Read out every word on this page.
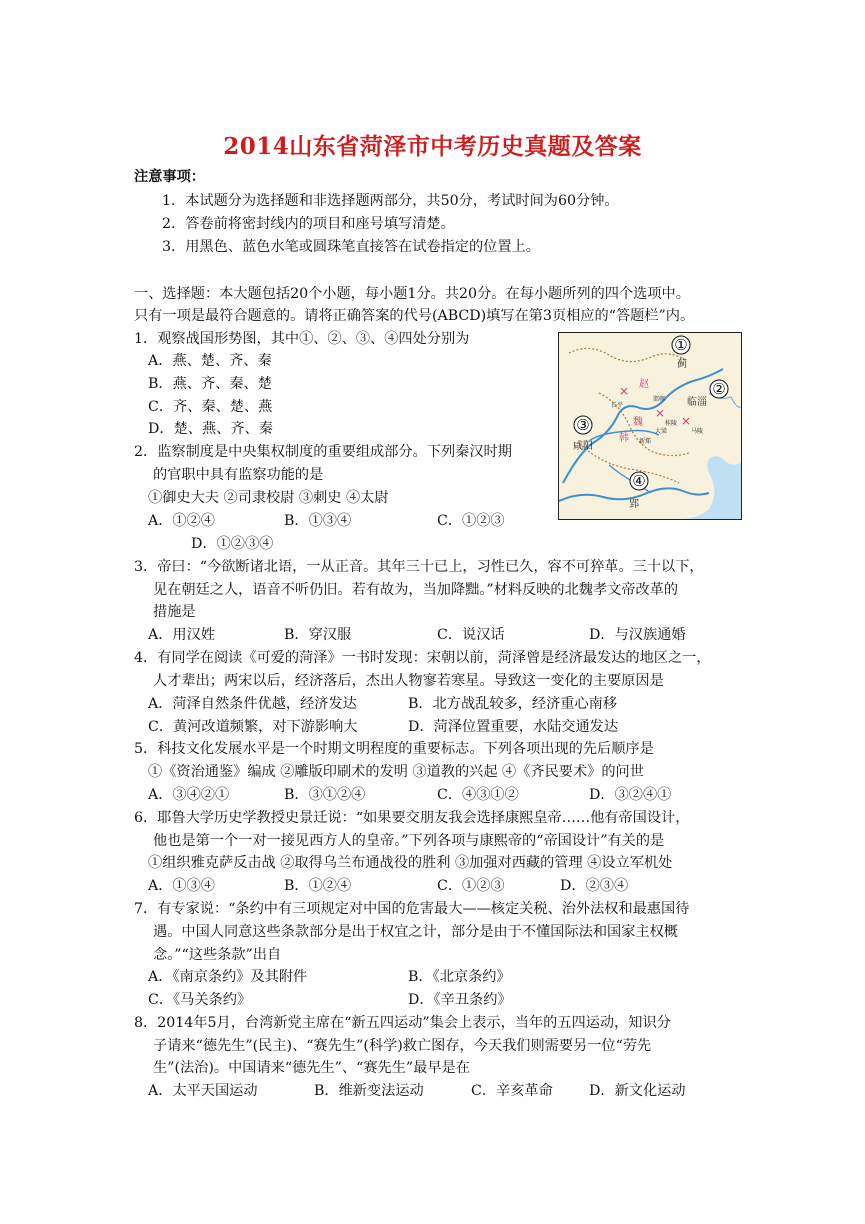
2014山东省菏泽市中考历史真题及答案
注意事项：
1．本试题分为选择题和非选择题两部分，共50分，考试时间为60分钟。
2．答卷前将密封线内的项目和座号填写清楚。
3．用黑色、蓝色水笔或圆珠笔直接答在试卷指定的位置上。
一、选择题：本大题包括20个小题，每小题1分。共20分。在每小题所列的四个选项中。
只有一项是最符合题意的。请将正确答案的代号(ABCD)填写在第3页相应的“答题栏”内。
1．观察战国形势图，其中①、②、③、④四处分别为
A．燕、楚、齐、秦
B．燕、齐、秦、楚
C．齐、秦、楚、燕
D．楚、燕、齐、秦
2．监察制度是中央集权制度的重要组成部分。下列秦汉时期
的官职中具有监察功能的是
①御史大夫 ②司隶校尉 ③刺史 ④太尉
A．①②④	B．①③④	C．①②③
D．①②③④
3．帝曰：“今欲断诸北语，一从正音。其年三十已上，习性已久，容不可猝革。三十以下，
见在朝廷之人，语音不听仍旧。若有故为，当加降黜。”材料反映的北魏孝文帝改革的
措施是
A．用汉姓	B．穿汉服	C．说汉话	D．与汉族通婚
4．有同学在阅读《可爱的菏泽》一书时发现：宋朝以前，菏泽曾是经济最发达的地区之一，
人才辈出；两宋以后，经济落后，杰出人物寥若寒星。导致这一变化的主要原因是
A．菏泽自然条件优越，经济发达	B．北方战乱较多，经济重心南移
C．黄河改道频繁，对下游影响大	D．菏泽位置重要，水陆交通发达
5．科技文化发展水平是一个时期文明程度的重要标志。下列各项出现的先后顺序是
①《资治通鉴》编成 ②雕版印刷术的发明 ③道教的兴起 ④《齐民要术》的问世
A．③④②①	B．③①②④	C．④③①②	D．③②④①
6．耶鲁大学历史学教授史景迁说：“如果要交朋友我会选择康熙皇帝……他有帝国设计，
他也是第一个一对一接见西方人的皇帝。”下列各项与康熙帝的“帝国设计”有关的是
①组织雅克萨反击战 ②取得乌兰布通战役的胜利 ③加强对西藏的管理 ④设立军机处
A．①③④	B．①②④	C．①②③	D．②③④
7．有专家说：“条约中有三项规定对中国的危害最大——核定关税、治外法权和最惠国待
遇。中国人同意这些条款部分是出于权宜之计，部分是由于不懂国际法和国家主权概
念。”“这些条款”出自
A．《南京条约》及其附件	B．《北京条约》
C．《马关条约》	D．《辛丑条约》
8．2014年5月，台湾新党主席在“新五四运动”集会上表示，当年的五四运动，知识分
子请来“德先生”(民主)、“赛先生”(科学)救亡图存，今天我们则需要另一位“劳先
生”(法治)。中国请来“德先生”、“赛先生”最早是在
A．太平天国运动	B．维新变法运动	C．辛亥革命	D．新文化运动
①
②
③
④
蓟
临淄
咸阳
郢
赵
魏
韩
×
长平
邯郸
×
桂陵
大梁
×
马陵
新郑
